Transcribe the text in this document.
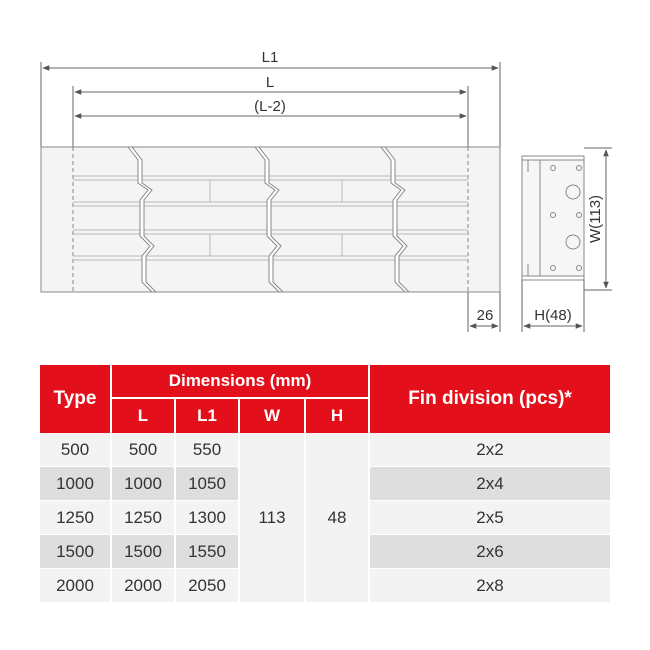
L1
L
(L-2)
26
W(113)
H(48)
Type	Dimensions (mm)				Fin division (pcs)*
	L	L1	W	H	
500	500	550	113	48	2x2
1000	1000	1050			2x4
1250	1250	1300			2x5
1500	1500	1550			2x6
2000	2000	2050			2x8
